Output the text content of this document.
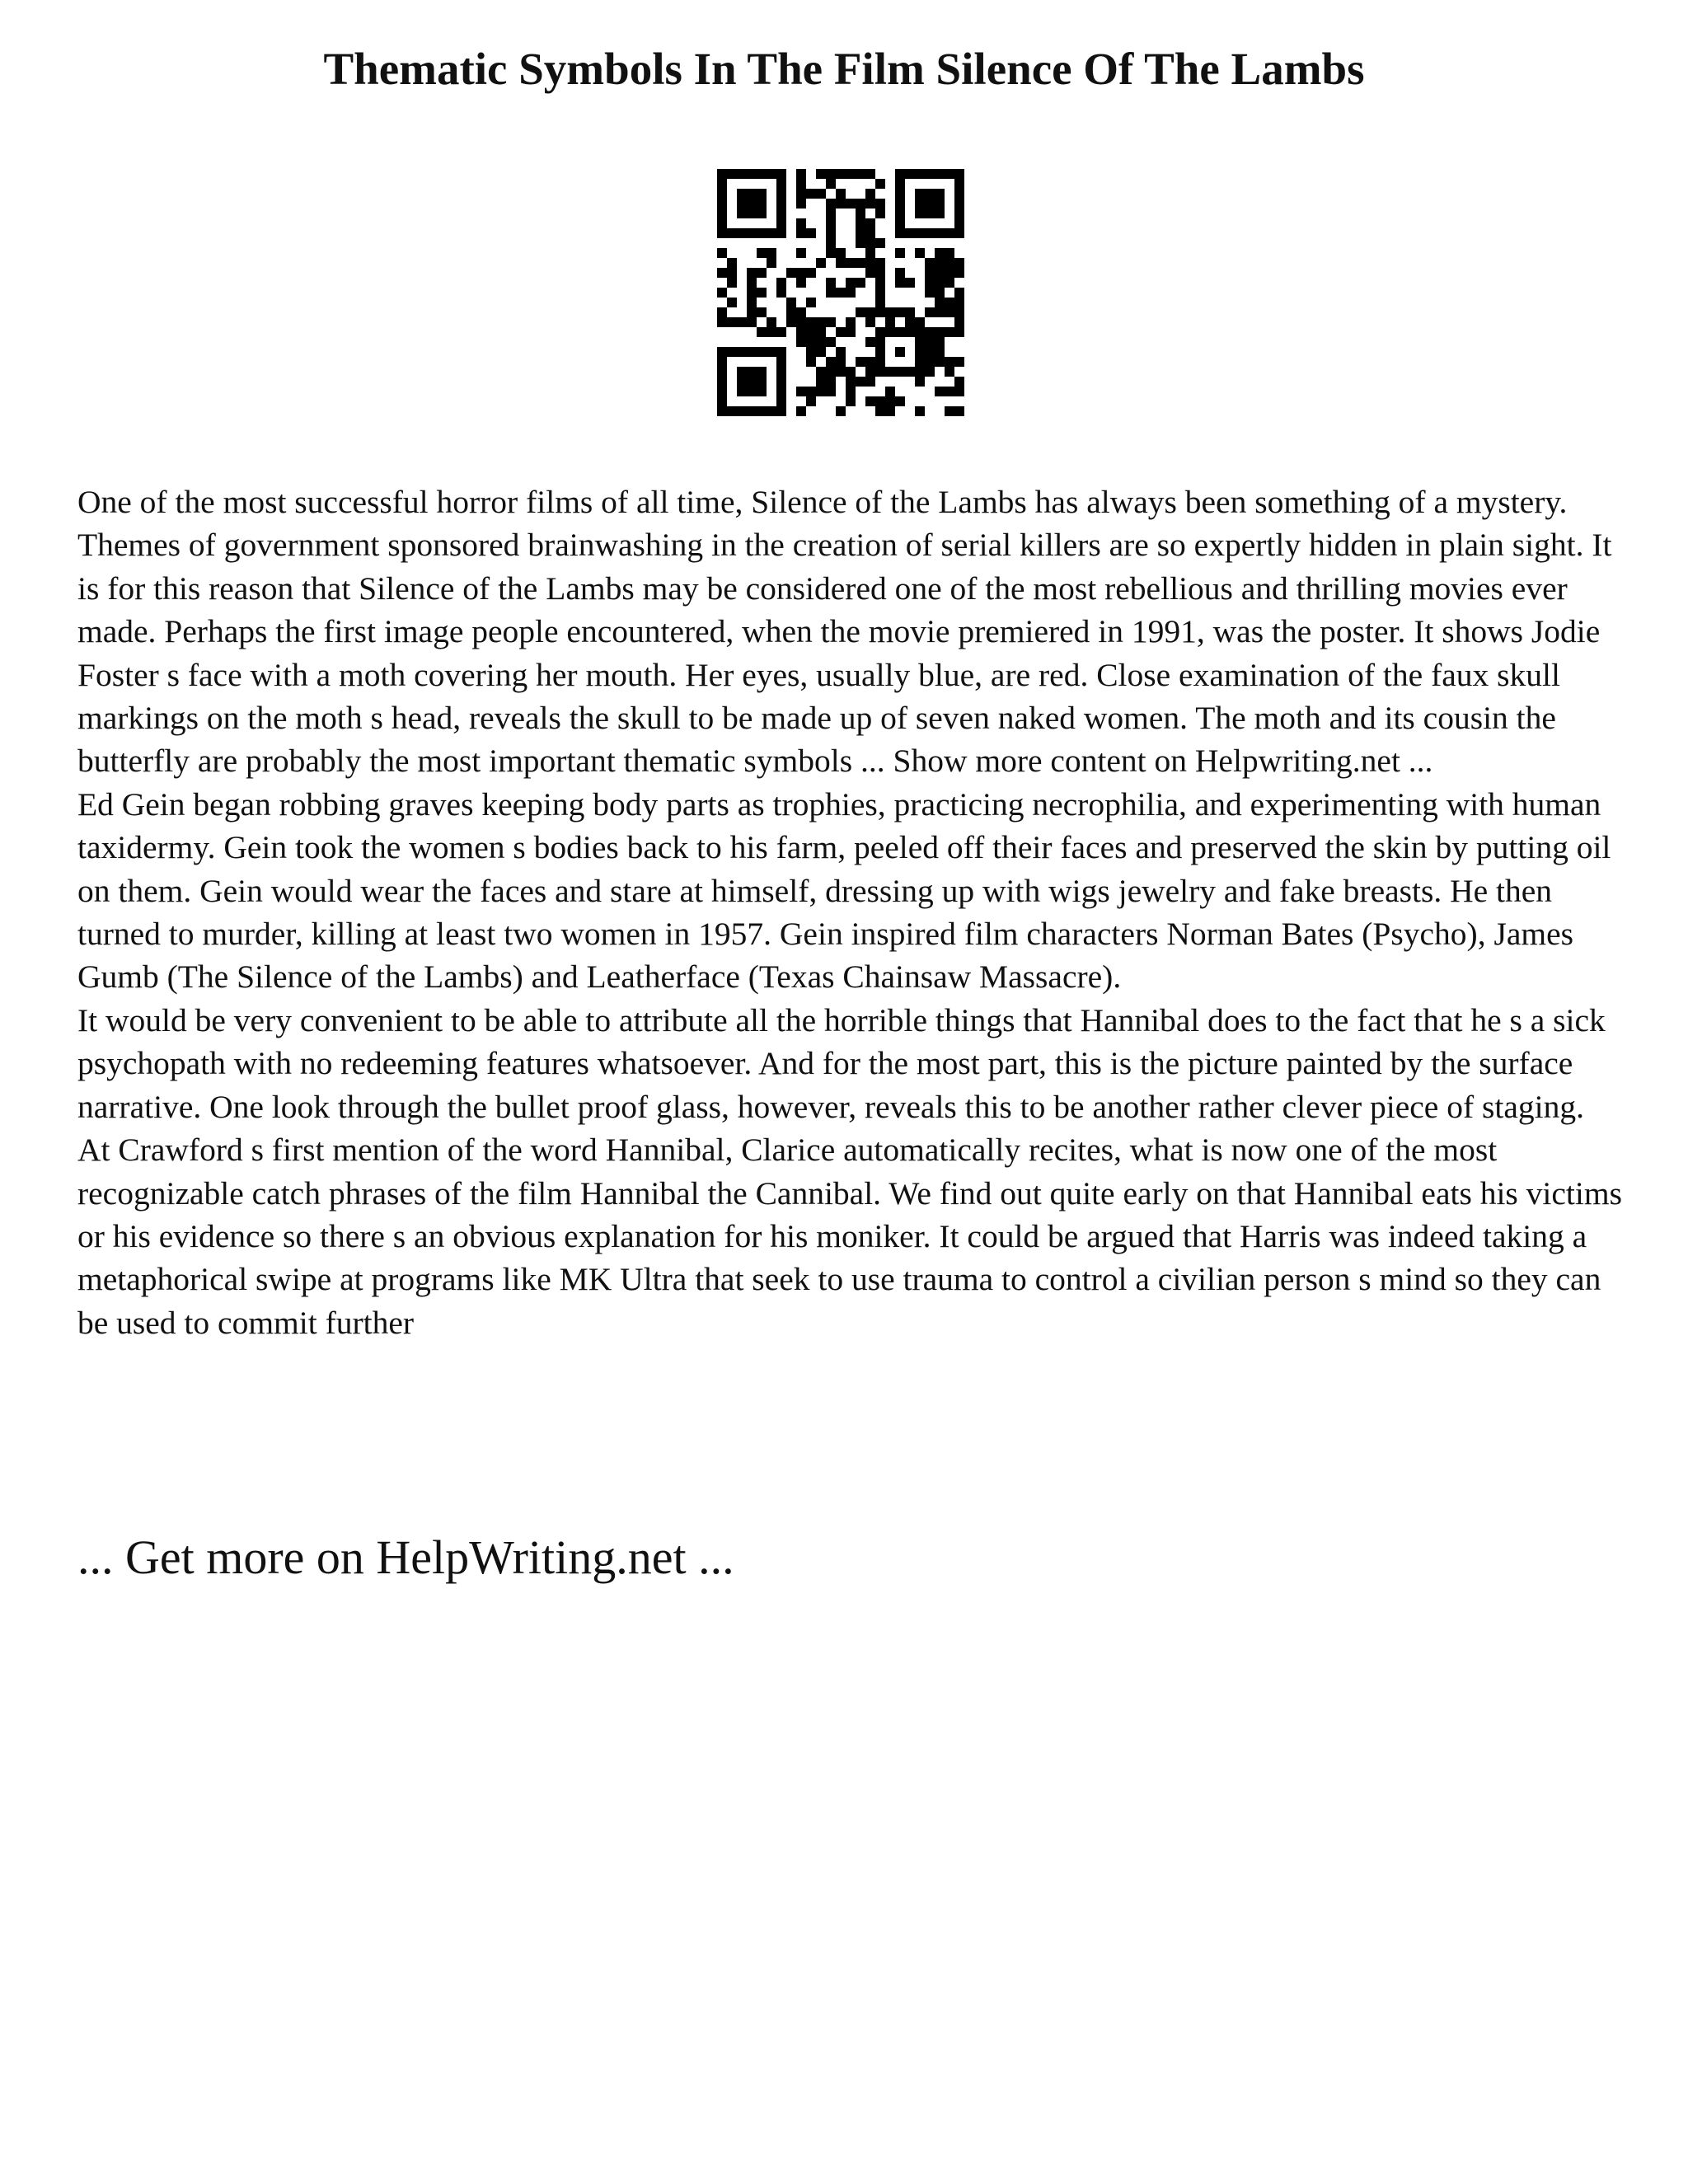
Thematic Symbols In The Film Silence Of The Lambs

One of the most successful horror films of all time, Silence of the Lambs has always been something of a mystery. Themes of government sponsored brainwashing in the creation of serial killers are so expertly hidden in plain sight. It is for this reason that Silence of the Lambs may be considered one of the most rebellious and thrilling movies ever made. Perhaps the first image people encountered, when the movie premiered in 1991, was the poster. It shows Jodie Foster s face with a moth covering her mouth. Her eyes, usually blue, are red. Close examination of the faux skull markings on the moth s head, reveals the skull to be made up of seven naked women. The moth and its cousin the butterfly are probably the most important thematic symbols ... Show more content on Helpwriting.net ...

Ed Gein began robbing graves keeping body parts as trophies, practicing necrophilia, and experimenting with human taxidermy. Gein took the women s bodies back to his farm, peeled off their faces and preserved the skin by putting oil on them. Gein would wear the faces and stare at himself, dressing up with wigs jewelry and fake breasts. He then turned to murder, killing at least two women in 1957. Gein inspired film characters Norman Bates (Psycho), James Gumb (The Silence of the Lambs) and Leatherface (Texas Chainsaw Massacre).

It would be very convenient to be able to attribute all the horrible things that Hannibal does to the fact that he s a sick psychopath with no redeeming features whatsoever. And for the most part, this is the picture painted by the surface narrative. One look through the bullet proof glass, however, reveals this to be another rather clever piece of staging.

At Crawford s first mention of the word Hannibal, Clarice automatically recites, what is now one of the most recognizable catch phrases of the film Hannibal the Cannibal. We find out quite early on that Hannibal eats his victims or his evidence so there s an obvious explanation for his moniker. It could be argued that Harris was indeed taking a metaphorical swipe at programs like MK Ultra that seek to use trauma to control a civilian person s mind so they can be used to commit further

... Get more on HelpWriting.net ...
